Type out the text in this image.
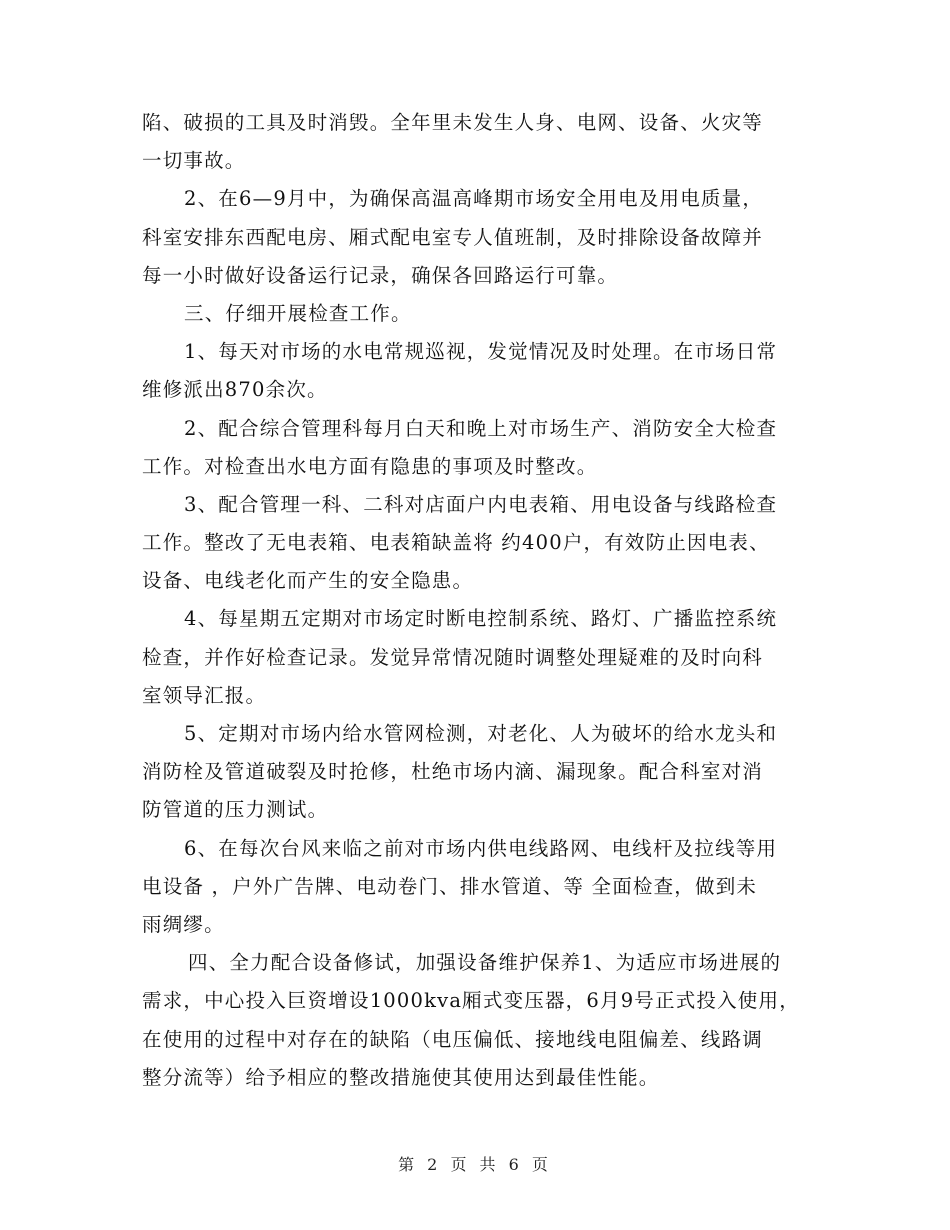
陷、破损的工具及时消毁。全年里未发生人身、电网、设备、火灾等
一切事故。
2、在6—9月中，为确保高温高峰期市场安全用电及用电质量，
科室安排东西配电房、厢式配电室专人值班制，及时排除设备故障并
每一小时做好设备运行记录，确保各回路运行可靠。
三、仔细开展检查工作。
1、每天对市场的水电常规巡视，发觉情况及时处理。在市场日常
维修派出870余次。
2、配合综合管理科每月白天和晚上对市场生产、消防安全大检查
工作。对检查出水电方面有隐患的事项及时整改。
3、配合管理一科、二科对店面户内电表箱、用电设备与线路检查
工作。整改了无电表箱、电表箱缺盖将 约400户，有效防止因电表、
设备、电线老化而产生的安全隐患。
4、每星期五定期对市场定时断电控制系统、路灯、广播监控系统
检查，并作好检查记录。发觉异常情况随时调整处理疑难的及时向科
室领导汇报。
5、定期对市场内给水管网检测，对老化、人为破坏的给水龙头和
消防栓及管道破裂及时抢修，杜绝市场内滴、漏现象。配合科室对消
防管道的压力测试。
6、在每次台风来临之前对市场内供电线路网、电线杆及拉线等用
电设备 ，户外广告牌、电动卷门、排水管道、等 全面检查，做到未
雨绸缪。
四、全力配合设备修试，加强设备维护保养1、为适应市场进展的
需求，中心投入巨资增设1000kva厢式变压器，6月9号正式投入使用，
在使用的过程中对存在的缺陷（电压偏低、接地线电阻偏差、线路调
整分流等）给予相应的整改措施使其使用达到最佳性能。
第 2 页 共 6 页
